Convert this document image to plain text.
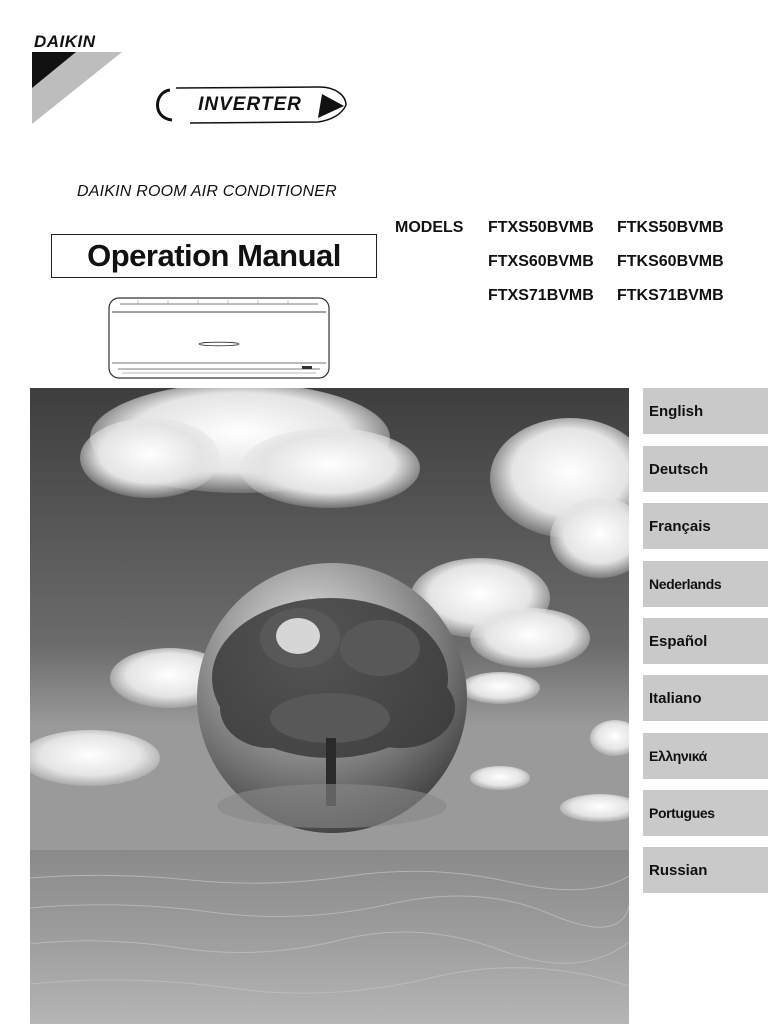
DAIKIN
INVERTER
DAIKIN ROOM AIR CONDITIONER
Operation Manual
MODELS FTXS50BVMB FTKS50BVMB
FTXS60BVMB FTKS60BVMB
FTXS71BVMB FTKS71BVMB
English
Deutsch
Français
Nederlands
Español
Italiano
Ελληνικά
Portugues
Russian
